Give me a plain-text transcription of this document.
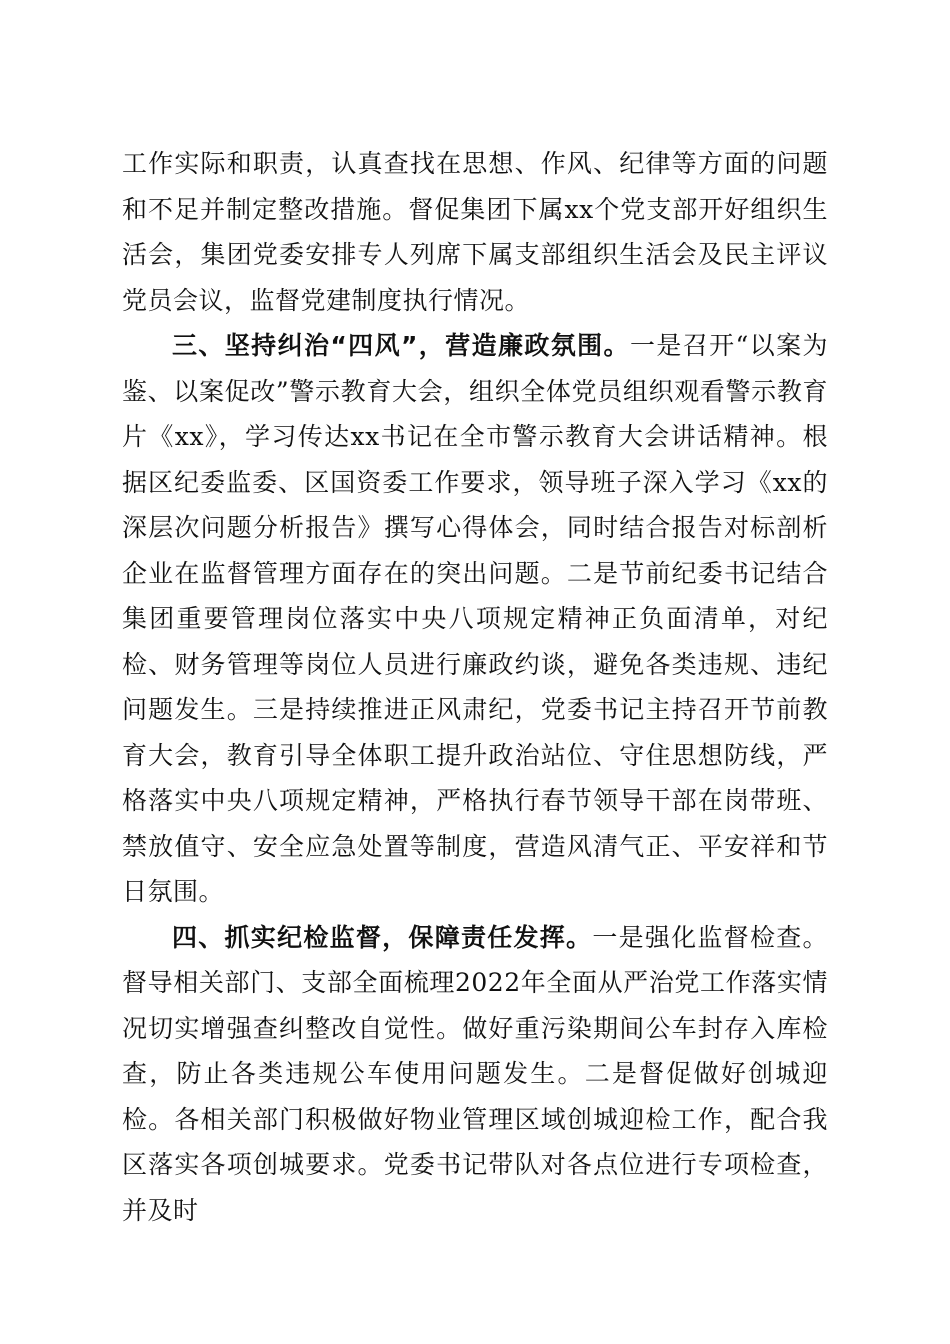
工作实际和职责，认真查找在思想、作风、纪律等方面的问题和不足并制定整改措施。督促集团下属xx个党支部开好组织生活会，集团党委安排专人列席下属支部组织生活会及民主评议党员会议，监督党建制度执行情况。

三、坚持纠治“四风”，营造廉政氛围。一是召开“以案为鉴、以案促改”警示教育大会，组织全体党员组织观看警示教育片《xx》，学习传达xx书记在全市警示教育大会讲话精神。根据区纪委监委、区国资委工作要求，领导班子深入学习《xx的深层次问题分析报告》撰写心得体会，同时结合报告对标剖析企业在监督管理方面存在的突出问题。二是节前纪委书记结合集团重要管理岗位落实中央八项规定精神正负面清单，对纪检、财务管理等岗位人员进行廉政约谈，避免各类违规、违纪问题发生。三是持续推进正风肃纪，党委书记主持召开节前教育大会，教育引导全体职工提升政治站位、守住思想防线，严格落实中央八项规定精神，严格执行春节领导干部在岗带班、禁放值守、安全应急处置等制度，营造风清气正、平安祥和节日氛围。

四、抓实纪检监督，保障责任发挥。一是强化监督检查。督导相关部门、支部全面梳理2022年全面从严治党工作落实情况切实增强查纠整改自觉性。做好重污染期间公车封存入库检查，防止各类违规公车使用问题发生。二是督促做好创城迎检。各相关部门积极做好物业管理区域创城迎检工作，配合我区落实各项创城要求。党委书记带队对各点位进行专项检查，并及时
